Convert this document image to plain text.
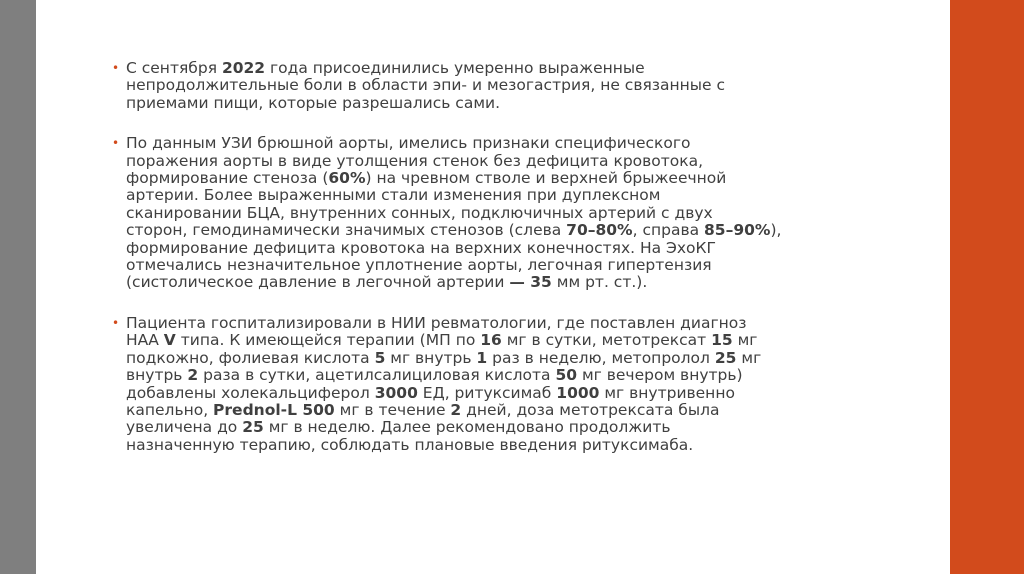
• С сентября 2022 года присоединились умеренно выраженные
непродолжительные боли в области эпи- и мезогастрия, не связанные с
приемами пищи, которые разрешались сами.
• По данным УЗИ брюшной аорты, имелись признаки специфического
поражения аорты в виде утолщения стенок без дефицита кровотока,
формирование стеноза (60%) на чревном стволе и верхней брыжеечной
артерии. Более выраженными стали изменения при дуплексном
сканировании БЦА, внутренних сонных, подключичных артерий с двух
сторон, гемодинамически значимых стенозов (слева 70–80%, справа 85–90%),
формирование дефицита кровотока на верхних конечностях. На ЭхоКГ
отмечались незначительное уплотнение аорты, легочная гипертензия
(систолическое давление в легочной артерии — 35 мм рт. ст.).
• Пациента госпитализировали в НИИ ревматологии, где поставлен диагноз
НАА V типа. К имеющейся терапии (МП по 16 мг в сутки, метотрексат 15 мг
подкожно, фолиевая кислота 5 мг внутрь 1 раз в неделю, метопролол 25 мг
внутрь 2 раза в сутки, ацетилсалициловая кислота 50 мг вечером внутрь)
добавлены холекальциферол 3000 ЕД, ритуксимаб 1000 мг внутривенно
капельно, Prednol-L 500 мг в течение 2 дней, доза метотрексата была
увеличена до 25 мг в неделю. Далее рекомендовано продолжить
назначенную терапию, соблюдать плановые введения ритуксимаба.
